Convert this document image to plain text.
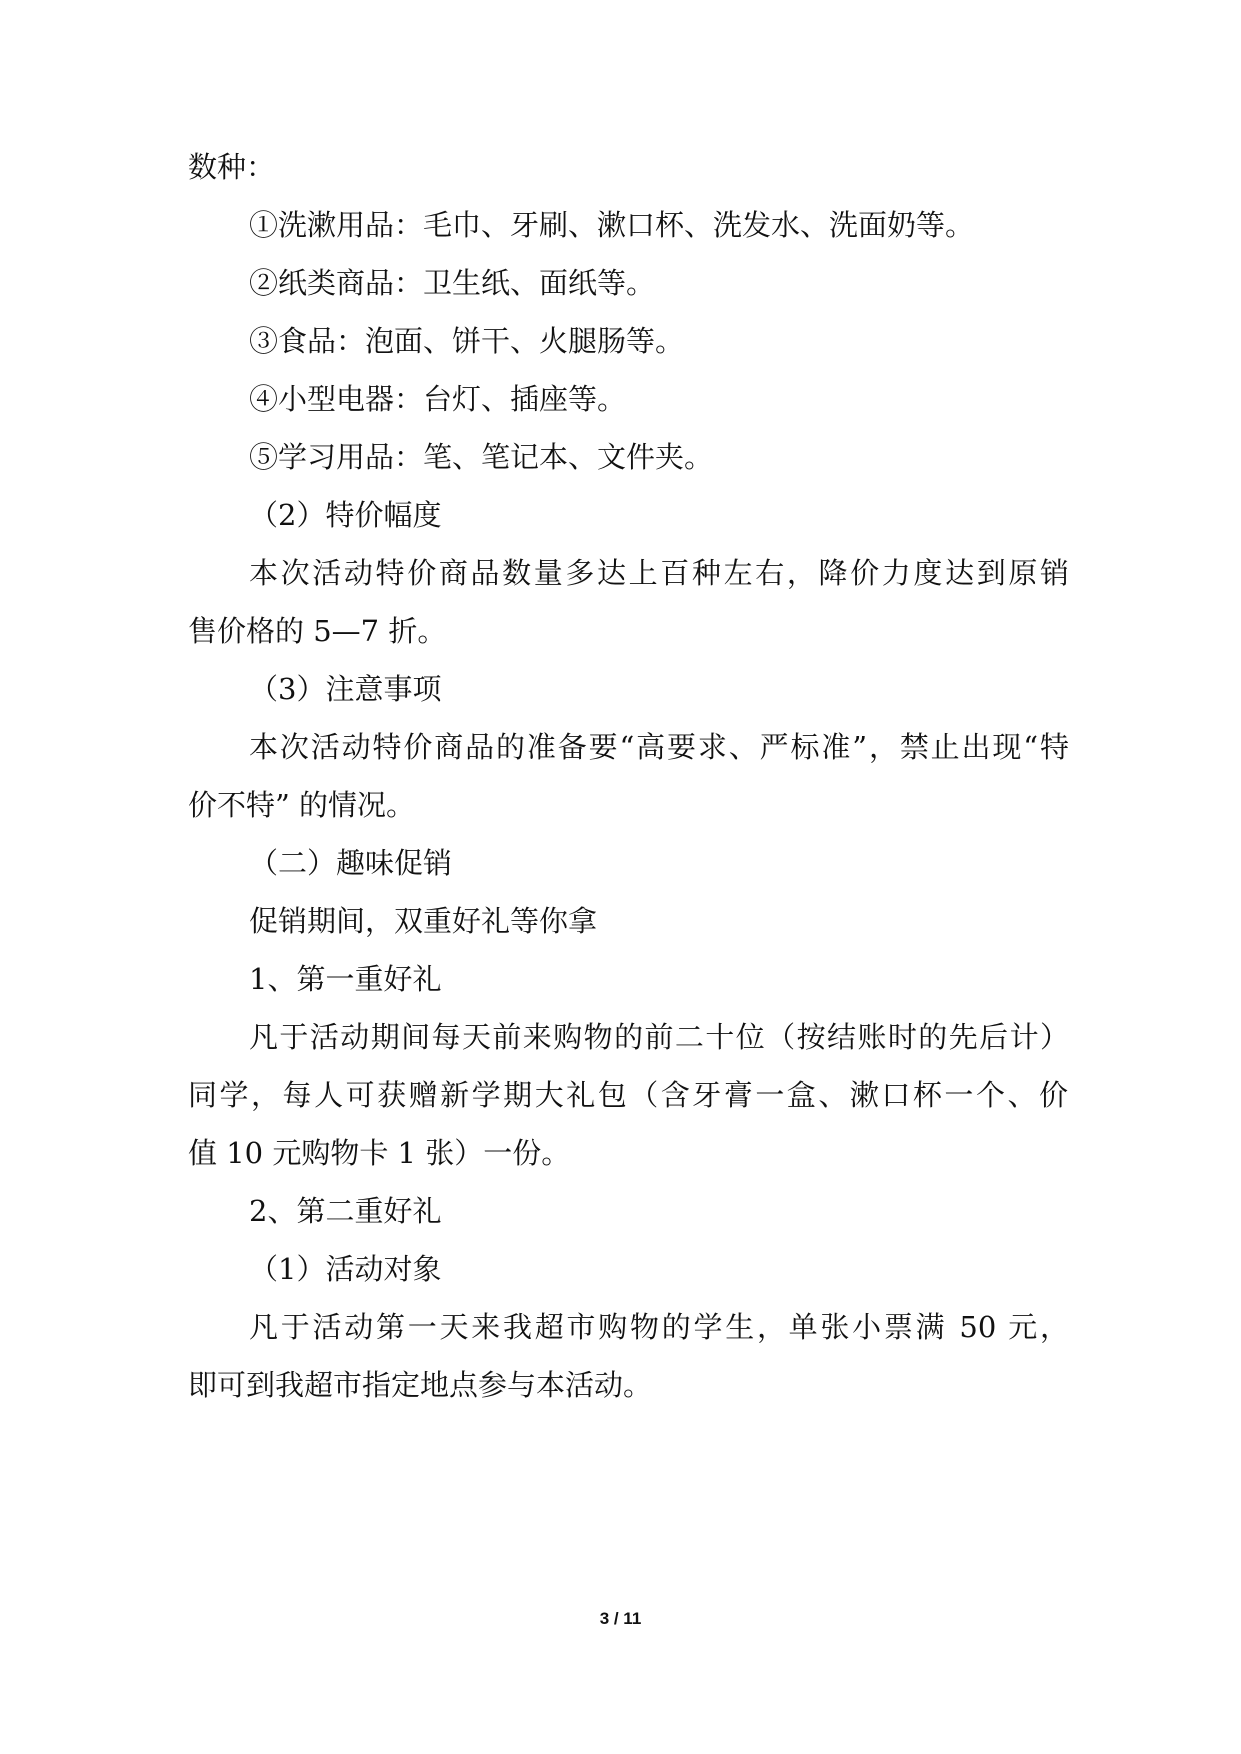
数种：
①洗漱用品：毛巾、牙刷、漱口杯、洗发水、洗面奶等。
②纸类商品：卫生纸、面纸等。
③食品：泡面、饼干、火腿肠等。
④小型电器：台灯、插座等。
⑤学习用品：笔、笔记本、文件夹。
（2）特价幅度
本次活动特价商品数量多达上百种左右，降价力度达到原销
售价格的 5—7 折。
（3）注意事项
本次活动特价商品的准备要“高要求、严标准”，禁止出现“特
价不特” 的情况。
（二）趣味促销
促销期间，双重好礼等你拿
1、第一重好礼
凡于活动期间每天前来购物的前二十位（按结账时的先后计）
同学，每人可获赠新学期大礼包（含牙膏一盒、漱口杯一个、价
值 10 元购物卡 1 张）一份。
2、第二重好礼
（1）活动对象
凡于活动第一天来我超市购物的学生，单张小票满 50 元，
即可到我超市指定地点参与本活动。
3 / 11
